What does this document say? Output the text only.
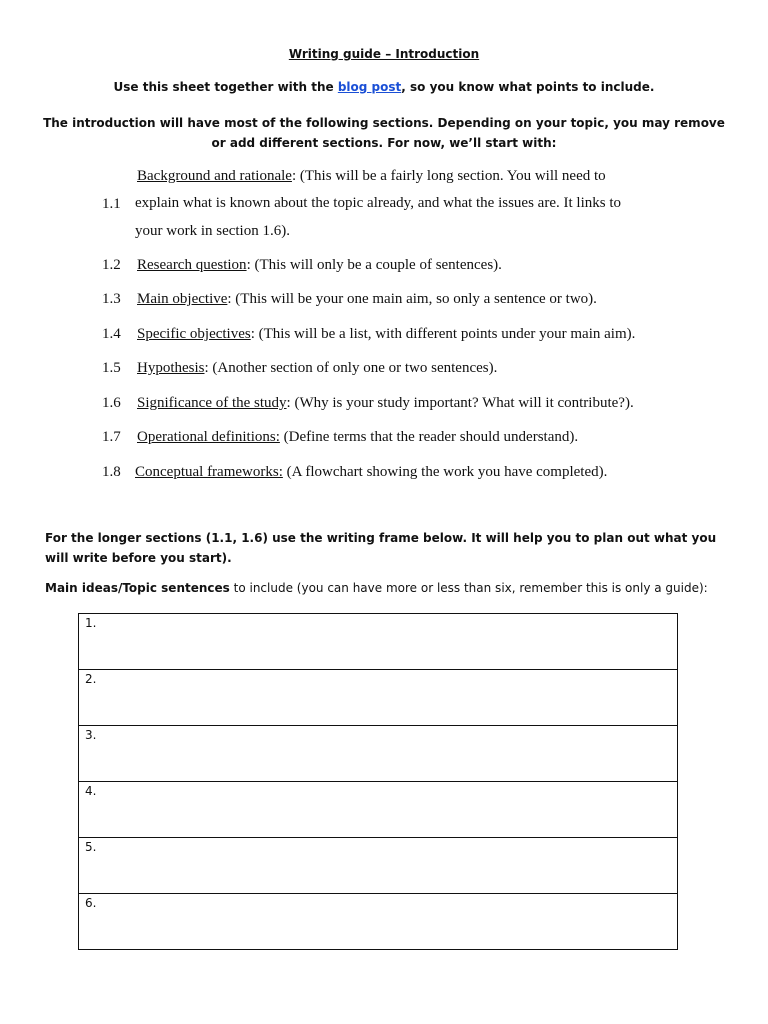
Writing guide – Introduction
Use this sheet together with the blog post, so you know what points to include.
The introduction will have most of the following sections. Depending on your topic, you may remove or add different sections. For now, we’ll start with:
Background and rationale: (This will be a fairly long section. You will need to
1.1 explain what is known about the topic already, and what the issues are. It links to
your work in section 1.6).
1.2 Research question: (This will only be a couple of sentences).
1.3 Main objective: (This will be your one main aim, so only a sentence or two).
1.4 Specific objectives: (This will be a list, with different points under your main aim).
1.5 Hypothesis: (Another section of only one or two sentences).
1.6 Significance of the study: (Why is your study important? What will it contribute?).
1.7 Operational definitions: (Define terms that the reader should understand).
1.8 Conceptual frameworks: (A flowchart showing the work you have completed).
For the longer sections (1.1, 1.6) use the writing frame below. It will help you to plan out what you will write before you start).
Main ideas/Topic sentences to include (you can have more or less than six, remember this is only a guide):
1.
2.
3.
4.
5.
6.
